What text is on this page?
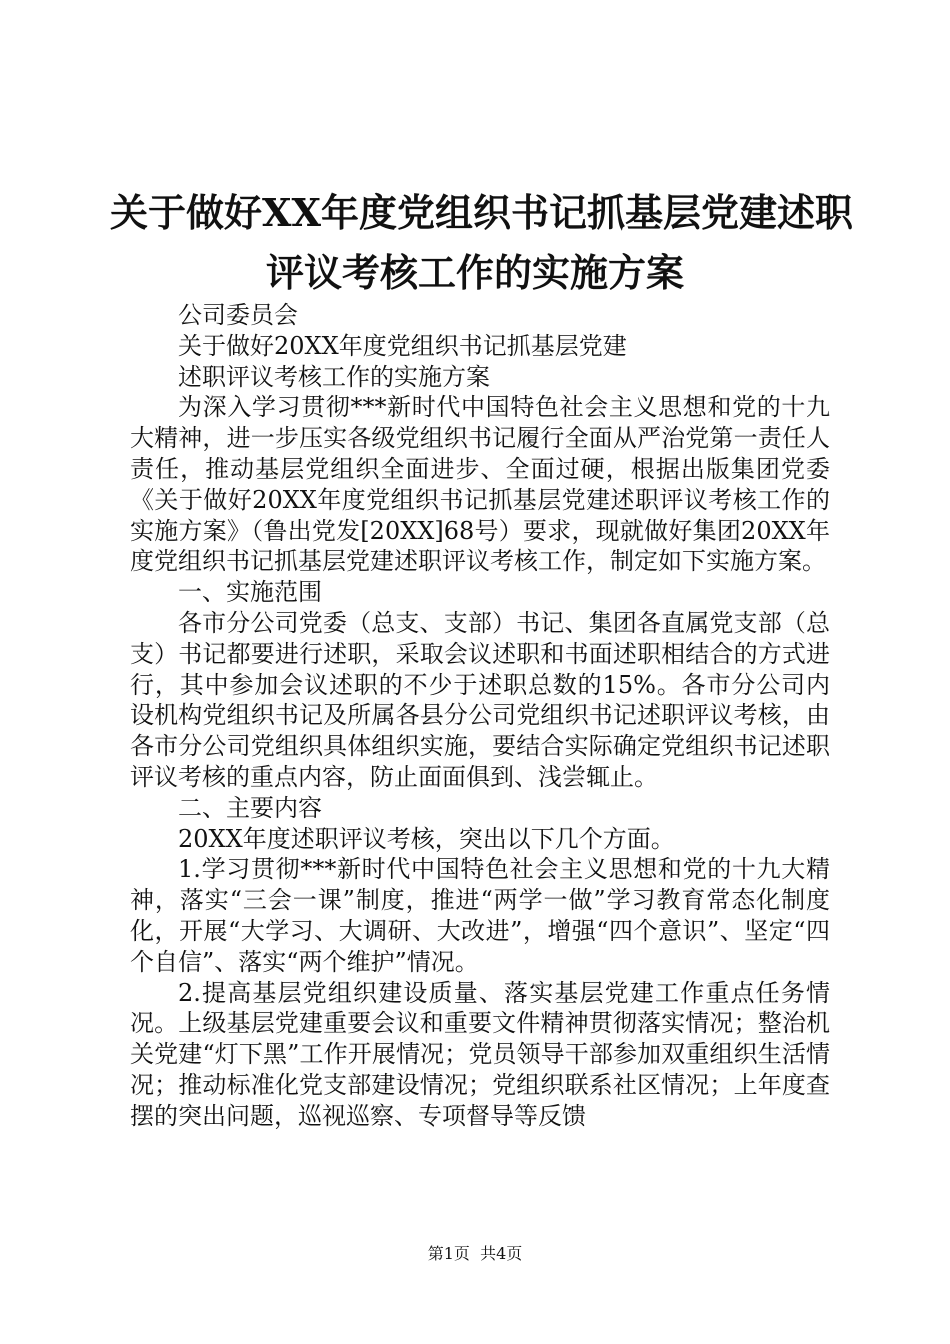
关于做好XX年度党组织书记抓基层党建述职
评议考核工作的实施方案

公司委员会

关于做好20XX年度党组织书记抓基层党建

述职评议考核工作的实施方案

为深入学习贯彻***新时代中国特色社会主义思想和党的十九大精神，进一步压实各级党组织书记履行全面从严治党第一责任人责任，推动基层党组织全面进步、全面过硬，根据出版集团党委《关于做好20XX年度党组织书记抓基层党建述职评议考核工作的实施方案》（鲁出党发[20XX]68号）要求，现就做好集团20XX年度党组织书记抓基层党建述职评议考核工作，制定如下实施方案。

一、实施范围

各市分公司党委（总支、支部）书记、集团各直属党支部（总支）书记都要进行述职，采取会议述职和书面述职相结合的方式进行，其中参加会议述职的不少于述职总数的15%。各市分公司内设机构党组织书记及所属各县分公司党组织书记述职评议考核，由各市分公司党组织具体组织实施，要结合实际确定党组织书记述职评议考核的重点内容，防止面面俱到、浅尝辄止。

二、主要内容

20XX年度述职评议考核，突出以下几个方面。

1.学习贯彻***新时代中国特色社会主义思想和党的十九大精神，落实“三会一课”制度，推进“两学一做”学习教育常态化制度化，开展“大学习、大调研、大改进”，增强“四个意识”、坚定“四个自信”、落实“两个维护”情况。

2.提高基层党组织建设质量、落实基层党建工作重点任务情况。上级基层党建重要会议和重要文件精神贯彻落实情况；整治机关党建“灯下黑”工作开展情况；党员领导干部参加双重组织生活情况；推动标准化党支部建设情况；党组织联系社区情况；上年度查摆的突出问题，巡视巡察、专项督导等反馈

第1页  共4页
